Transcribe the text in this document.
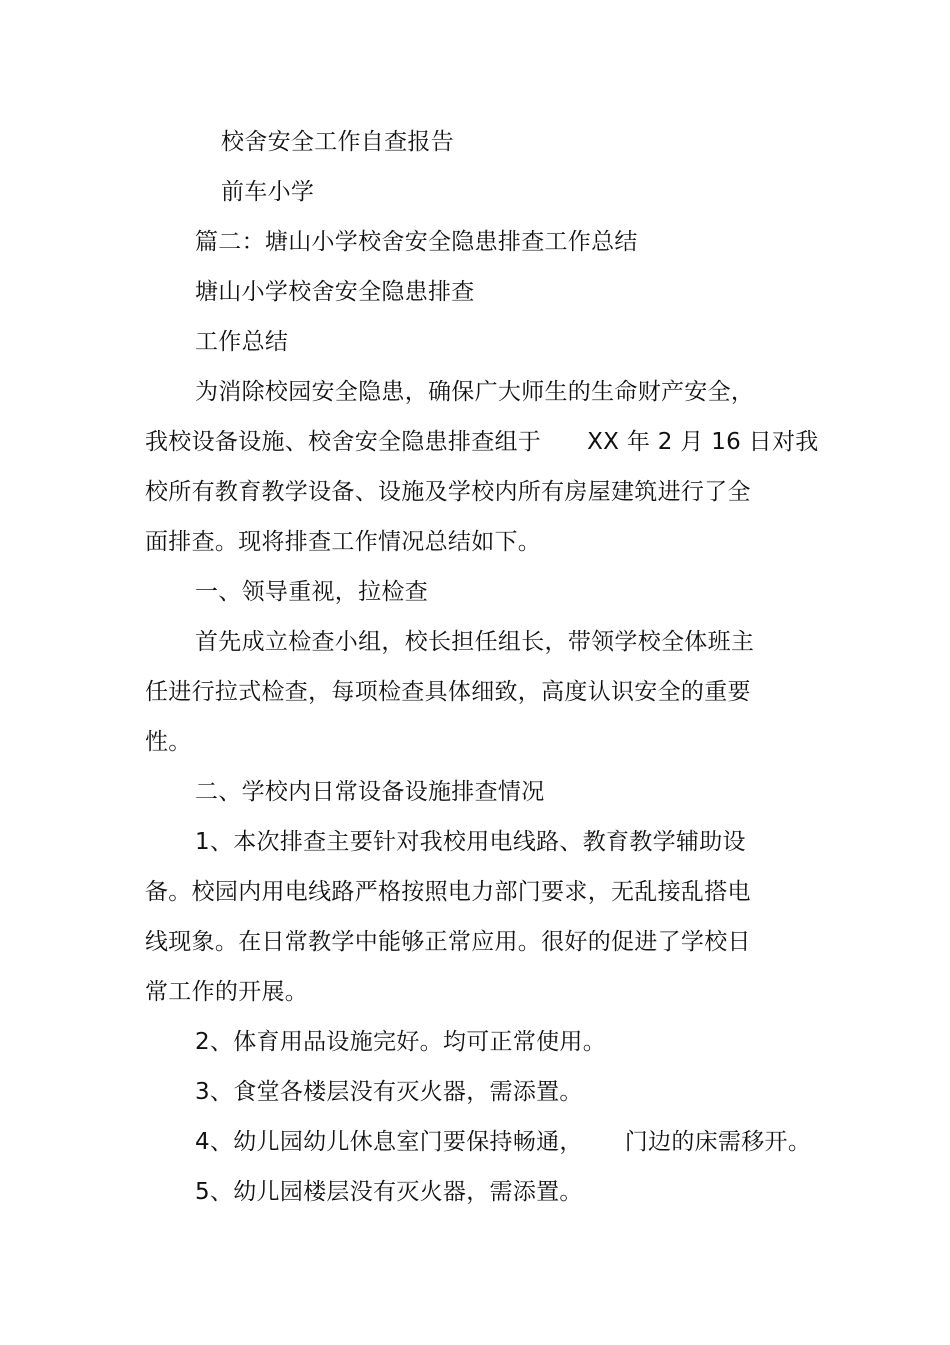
校舍安全工作自查报告
前车小学
篇二：塘山小学校舍安全隐患排查工作总结
塘山小学校舍安全隐患排查
工作总结
为消除校园安全隐患，确保广大师生的生命财产安全，
我校设备设施、校舍安全隐患排查组于 XX 年 2 月 16 日对我
校所有教育教学设备、设施及学校内所有房屋建筑进行了全
面排查。现将排查工作情况总结如下。
一、领导重视，拉检查
首先成立检查小组，校长担任组长，带领学校全体班主
任进行拉式检查，每项检查具体细致，高度认识安全的重要
性。
二、学校内日常设备设施排查情况
1、本次排查主要针对我校用电线路、教育教学辅助设
备。校园内用电线路严格按照电力部门要求，无乱接乱搭电
线现象。在日常教学中能够正常应用。很好的促进了学校日
常工作的开展。
2、体育用品设施完好。均可正常使用。
3、食堂各楼层没有灭火器，需添置。
4、幼儿园幼儿休息室门要保持畅通， 门边的床需移开。
5、幼儿园楼层没有灭火器，需添置。
